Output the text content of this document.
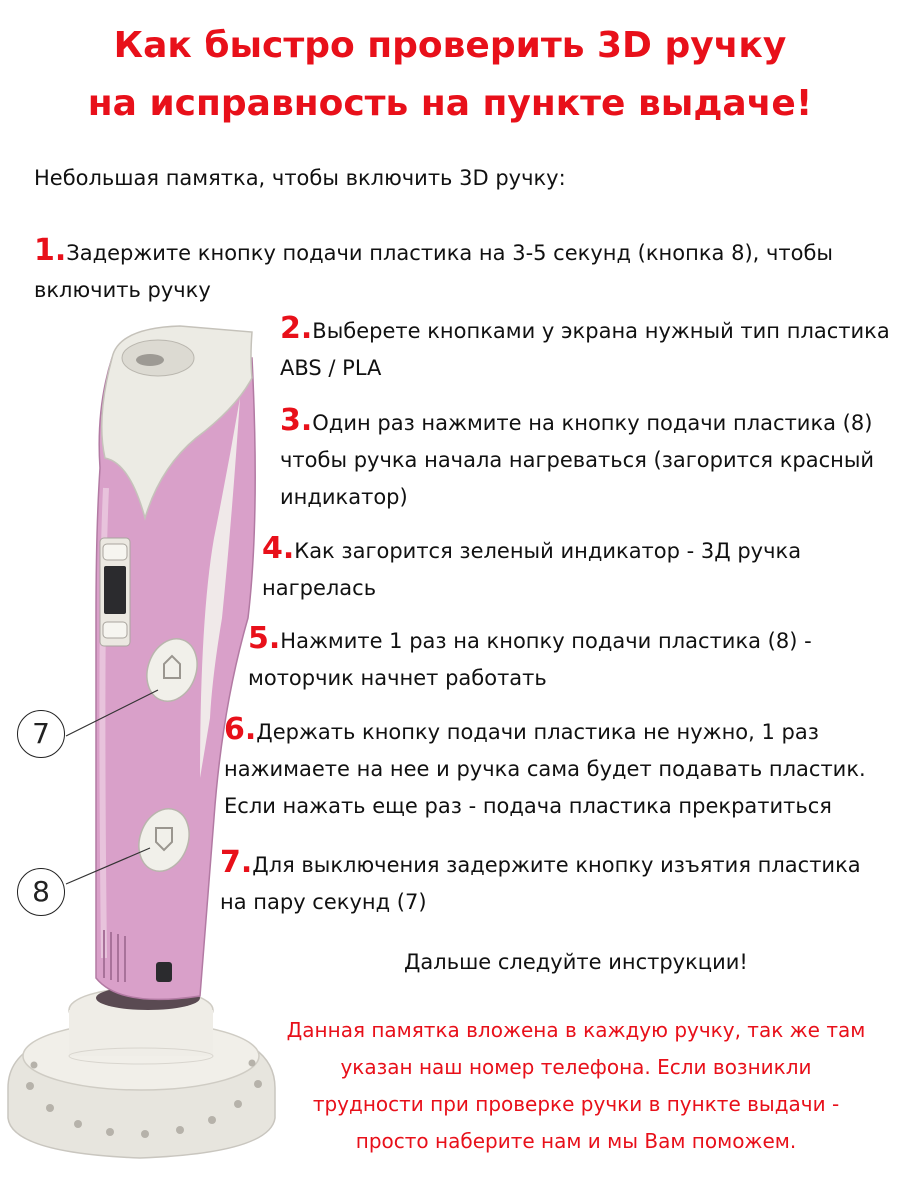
Как быстро проверить 3D ручку
на исправность на пункте выдаче!
Небольшая памятка, чтобы включить 3D ручку:
1.Задержите кнопку подачи пластика на 3-5 секунд (кнопка 8), чтобы
включить ручку
2.Выберете кнопками у экрана нужный тип пластика
ABS / PLA
3.Один раз нажмите на кнопку подачи пластика (8)
чтобы ручка начала нагреваться (загорится красный
индикатор)
4.Как загорится зеленый индикатор - 3Д ручка
нагрелась
5.Нажмите 1 раз на кнопку подачи пластика (8) -
моторчик начнет работать
6.Держать кнопку подачи пластика не нужно, 1 раз
нажимаете на нее и ручка сама будет подавать пластик.
Если нажать еще раз - подача пластика прекратиться
7.Для выключения задержите кнопку изъятия пластика
на пару секунд (7)
Дальше следуйте инструкции!
Данная памятка вложена в каждую ручку, так же там
указан наш номер телефона. Если возникли
трудности при проверке ручки в пункте выдачи -
просто наберите нам и мы Вам поможем.
7
8
